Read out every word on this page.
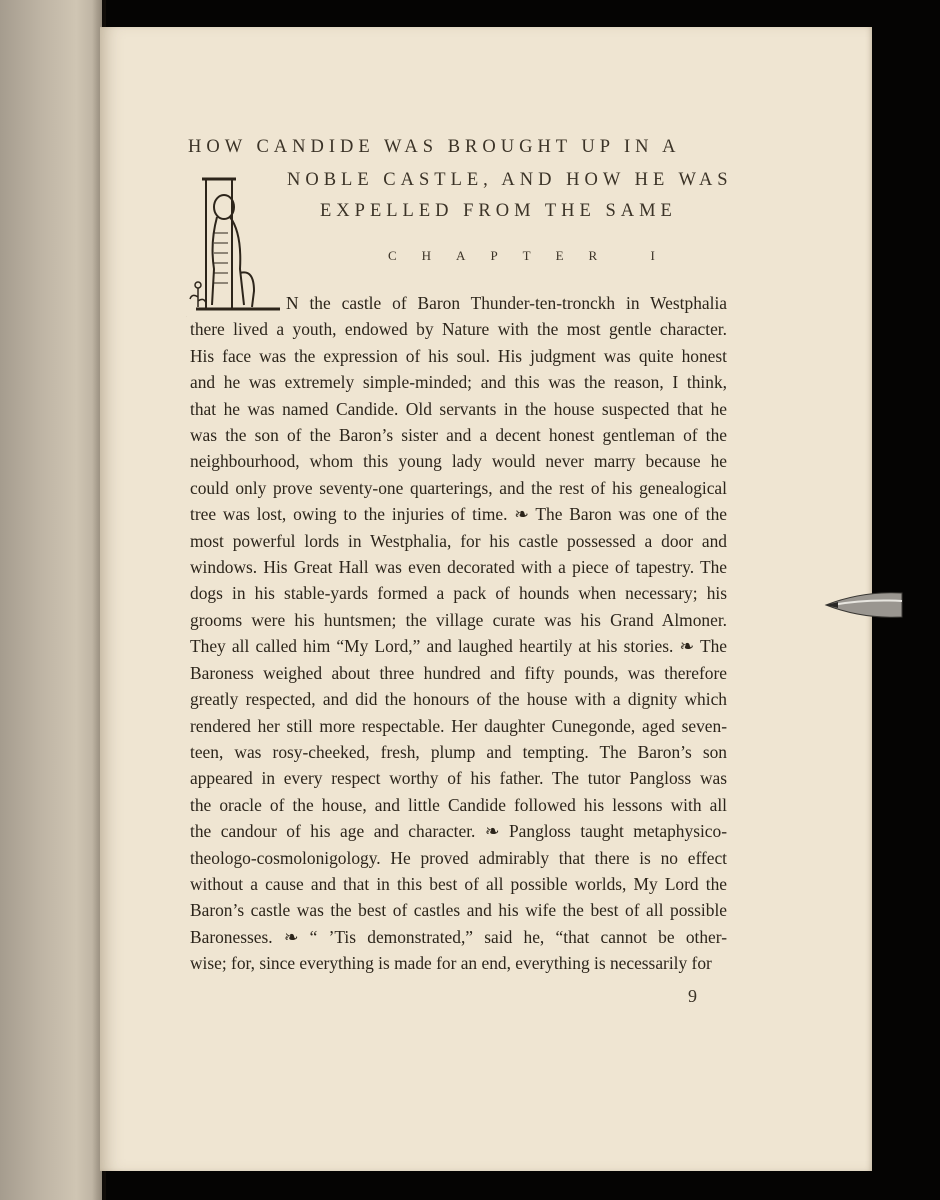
HOW CANDIDE WAS BROUGHT UP IN A
NOBLE CASTLE, AND HOW HE WAS
EXPELLED FROM THE SAME
CHAPTER I
I
N the castle of Baron Thunder-ten-tronckh in Westphalia
there lived a youth, endowed by Nature with the most gentle character.
His face was the expression of his soul. His judgment was quite honest
and he was extremely simple-minded; and this was the reason, I think,
that he was named Candide. Old servants in the house suspected that he
was the son of the Baron’s sister and a decent honest gentleman of the
neighbourhood, whom this young lady would never marry because he
could only prove seventy-one quarterings, and the rest of his genealogical
tree was lost, owing to the injuries of time. ❧ The Baron was one of the
most powerful lords in Westphalia, for his castle possessed a door and
windows. His Great Hall was even decorated with a piece of tapestry. The
dogs in his stable-yards formed a pack of hounds when necessary; his
grooms were his huntsmen; the village curate was his Grand Almoner.
They all called him “My Lord,” and laughed heartily at his stories. ❧ The
Baroness weighed about three hundred and fifty pounds, was therefore
greatly respected, and did the honours of the house with a dignity which
rendered her still more respectable. Her daughter Cunegonde, aged seven-
teen, was rosy-cheeked, fresh, plump and tempting. The Baron’s son
appeared in every respect worthy of his father. The tutor Pangloss was
the oracle of the house, and little Candide followed his lessons with all
the candour of his age and character. ❧ Pangloss taught metaphysico-
theologo-cosmolonigology. He proved admirably that there is no effect
without a cause and that in this best of all possible worlds, My Lord the
Baron’s castle was the best of castles and his wife the best of all possible
Baronesses. ❧ “ ’Tis demonstrated,” said he, “that cannot be other-
wise; for, since everything is made for an end, everything is necessarily for
9
